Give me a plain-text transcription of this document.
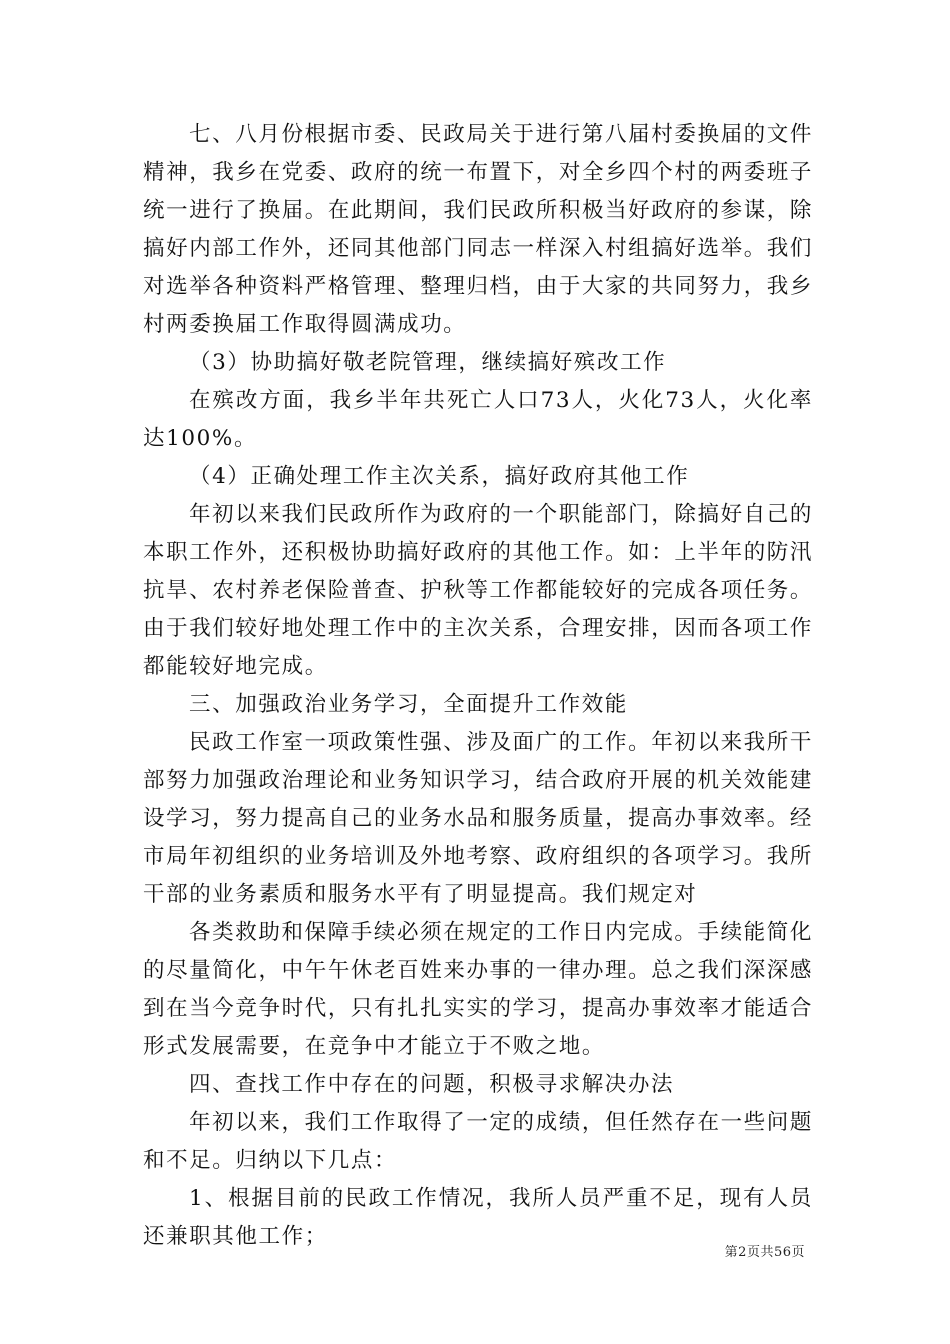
七、八月份根据市委、民政局关于进行第八届村委换届的文件精神，我乡在党委、政府的统一布置下，对全乡四个村的两委班子统一进行了换届。在此期间，我们民政所积极当好政府的参谋，除搞好内部工作外，还同其他部门同志一样深入村组搞好选举。我们对选举各种资料严格管理、整理归档，由于大家的共同努力，我乡村两委换届工作取得圆满成功。

（3）协助搞好敬老院管理，继续搞好殡改工作

在殡改方面，我乡半年共死亡人口73人，火化73人，火化率达100%。

（4）正确处理工作主次关系，搞好政府其他工作

年初以来我们民政所作为政府的一个职能部门，除搞好自己的本职工作外，还积极协助搞好政府的其他工作。如：上半年的防汛抗旱、农村养老保险普查、护秋等工作都能较好的完成各项任务。由于我们较好地处理工作中的主次关系，合理安排，因而各项工作都能较好地完成。

三、加强政治业务学习，全面提升工作效能

民政工作室一项政策性强、涉及面广的工作。年初以来我所干部努力加强政治理论和业务知识学习，结合政府开展的机关效能建设学习，努力提高自己的业务水品和服务质量，提高办事效率。经市局年初组织的业务培训及外地考察、政府组织的各项学习。我所干部的业务素质和服务水平有了明显提高。我们规定对

各类救助和保障手续必须在规定的工作日内完成。手续能简化的尽量简化，中午午休老百姓来办事的一律办理。总之我们深深感到在当今竞争时代，只有扎扎实实的学习，提高办事效率才能适合形式发展需要，在竞争中才能立于不败之地。

四、查找工作中存在的问题，积极寻求解决办法

年初以来，我们工作取得了一定的成绩，但任然存在一些问题和不足。归纳以下几点：

1、根据目前的民政工作情况，我所人员严重不足，现有人员还兼职其他工作；

第2页共56页
